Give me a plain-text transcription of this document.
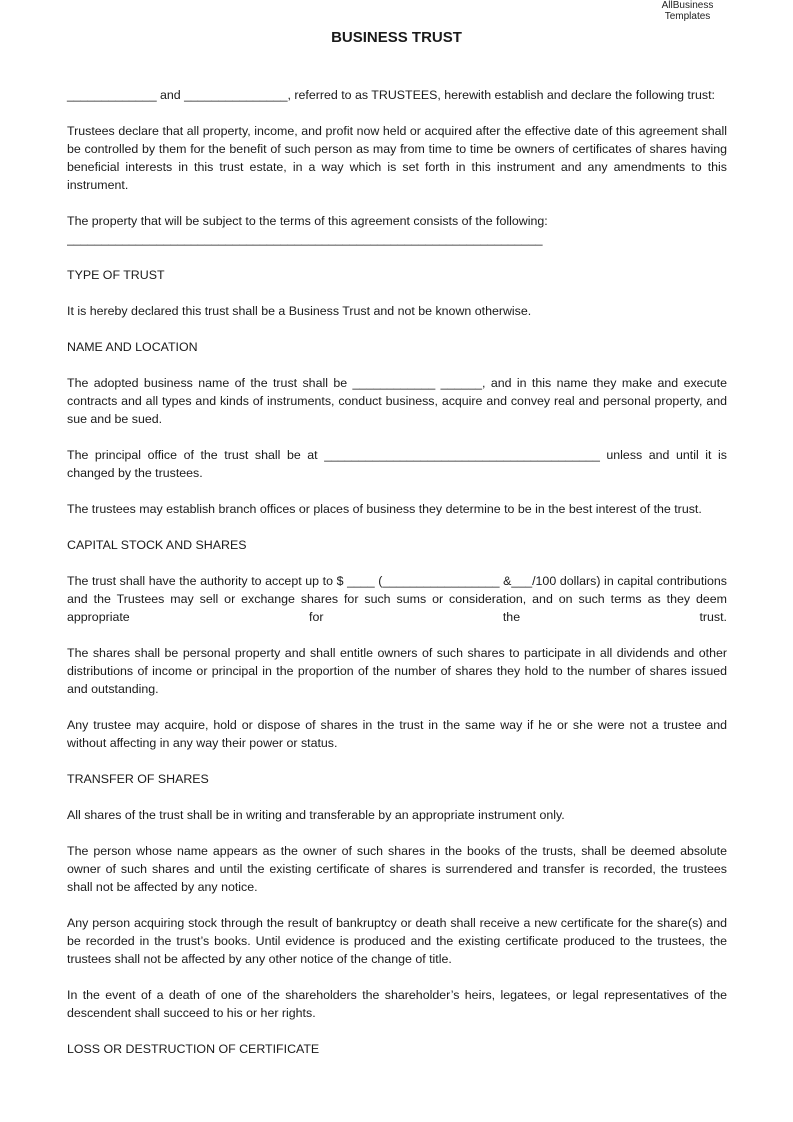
AllBusiness
Templates
BUSINESS TRUST

_____________ and _______________, referred to as TRUSTEES, herewith establish and declare the following trust:

Trustees declare that all property, income, and profit now held or acquired after the effective date of this agreement shall be controlled by them for the benefit of such person as may from time to time be owners of certificates of shares having beneficial interests in this trust estate, in a way which is set forth in this instrument and any amendments to this instrument.

The property that will be subject to the terms of this agreement consists of the following:

_____________________________________________________________________

TYPE OF TRUST

It is hereby declared this trust shall be a Business Trust and not be known otherwise.

NAME AND LOCATION

The adopted business name of the trust shall be ____________ ______, and in this name they make and execute contracts and all types and kinds of instruments, conduct business, acquire and convey real and personal property, and sue and be sued.

The principal office of the trust shall be at ________________________________________ unless and until it is changed by the trustees.

The trustees may establish branch offices or places of business they determine to be in the best interest of the trust.

CAPITAL STOCK AND SHARES

The trust shall have the authority to accept up to $ ____ (_________________ &___/100 dollars) in capital contributions and the Trustees may sell or exchange shares for such sums or consideration, and on such terms as they deem appropriate for the trust.

The shares shall be personal property and shall entitle owners of such shares to participate in all dividends and other distributions of income or principal in the proportion of the number of shares they hold to the number of shares issued and outstanding.

Any trustee may acquire, hold or dispose of shares in the trust in the same way if he or she were not a trustee and without affecting in any way their power or status.

TRANSFER OF SHARES

All shares of the trust shall be in writing and transferable by an appropriate instrument only.

The person whose name appears as the owner of such shares in the books of the trusts, shall be deemed absolute owner of such shares and until the existing certificate of shares is surrendered and transfer is recorded, the trustees shall not be affected by any notice.

Any person acquiring stock through the result of bankruptcy or death shall receive a new certificate for the share(s) and be recorded in the trust’s books. Until evidence is produced and the existing certificate produced to the trustees, the trustees shall not be affected by any other notice of the change of title.

In the event of a death of one of the shareholders the shareholder’s heirs, legatees, or legal representatives of the descendent shall succeed to his or her rights.

LOSS OR DESTRUCTION OF CERTIFICATE
